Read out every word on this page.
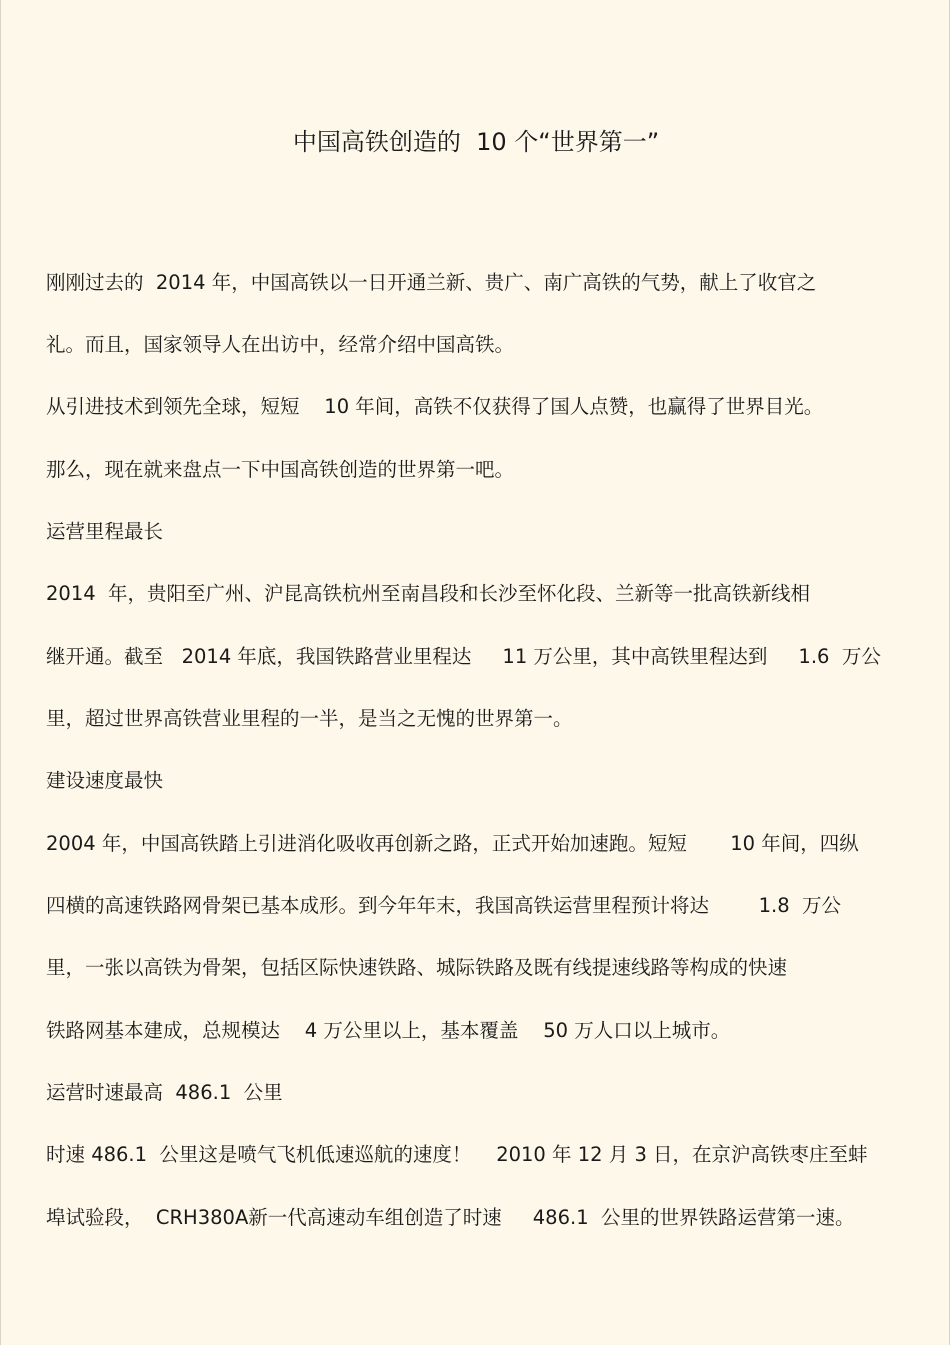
中国高铁创造的  10 个“世界第一”
刚刚过去的  2014 年，中国高铁以一日开通兰新、贵广、南广高铁的气势，献上了收官之
礼。而且，国家领导人在出访中，经常介绍中国高铁。
从引进技术到领先全球，短短    10 年间，高铁不仅获得了国人点赞，也赢得了世界目光。
那么，现在就来盘点一下中国高铁创造的世界第一吧。
运营里程最长
2014  年，贵阳至广州、沪昆高铁杭州至南昌段和长沙至怀化段、兰新等一批高铁新线相
继开通。截至   2014 年底，我国铁路营业里程达     11 万公里，其中高铁里程达到     1.6  万公
里，超过世界高铁营业里程的一半，是当之无愧的世界第一。
建设速度最快
2004 年，中国高铁踏上引进消化吸收再创新之路，正式开始加速跑。短短       10 年间，四纵
四横的高速铁路网骨架已基本成形。到今年年末，我国高铁运营里程预计将达        1.8  万公
里，一张以高铁为骨架，包括区际快速铁路、城际铁路及既有线提速线路等构成的快速
铁路网基本建成，总规模达    4 万公里以上，基本覆盖    50 万人口以上城市。
运营时速最高  486.1  公里
时速 486.1  公里这是喷气飞机低速巡航的速度！    2010 年 12 月 3 日，在京沪高铁枣庄至蚌
埠试验段，  CRH380A新一代高速动车组创造了时速     486.1  公里的世界铁路运营第一速。
